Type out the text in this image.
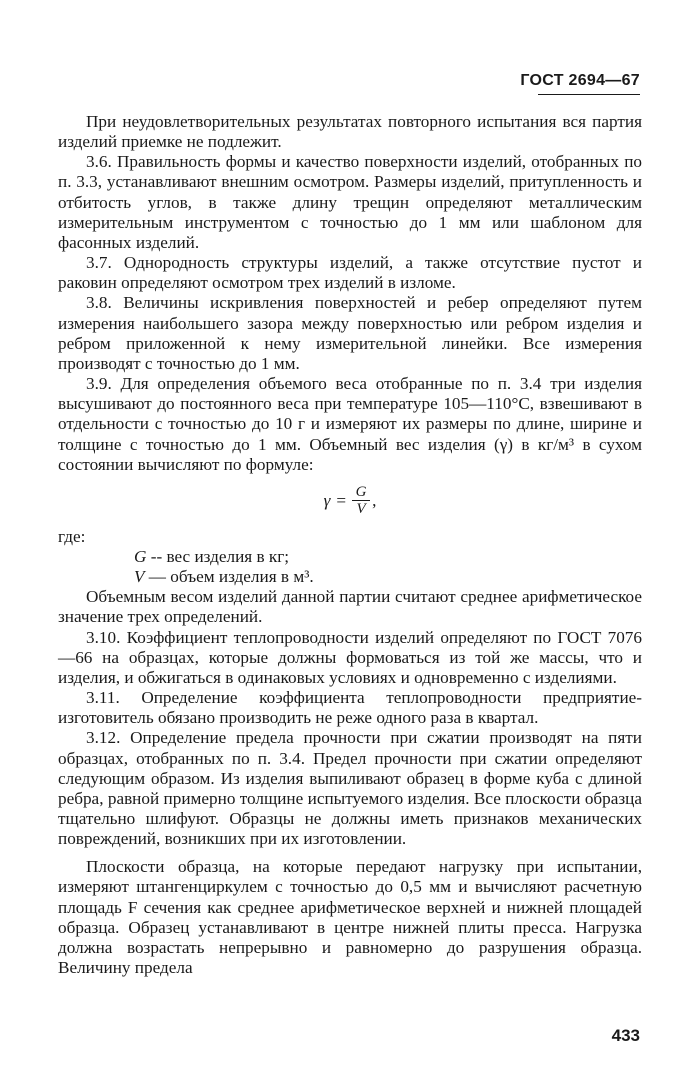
ГОСТ 2694—67

При неудовлетворительных результатах повторного испытания вся партия изделий приемке не подлежит.

3.6. Правильность формы и качество поверхности изделий, отобранных по п. 3.3, устанавливают внешним осмотром. Размеры изделий, притупленность и отбитость углов, в также длину трещин определяют металлическим измерительным инструментом с точностью до 1 мм или шаблоном для фасонных изделий.

3.7. Однородность структуры изделий, а также отсутствие пустот и раковин определяют осмотром трех изделий в изломе.

3.8. Величины искривления поверхностей и ребер определяют путем измерения наибольшего зазора между поверхностью или ребром изделия и ребром приложенной к нему измерительной линейки. Все измерения производят с точностью до 1 мм.

3.9. Для определения объемого веса отобранные по п. 3.4 три изделия высушивают до постоянного веса при температуре 105—110°С, взвешивают в отдельности с точностью до 10 г и измеряют их размеры по длине, ширине и толщине с точностью до 1 мм. Объемный вес изделия (γ) в кг/м³ в сухом состоянии вычисляют по формуле:

$\gamma = \frac{G}{V}$ ,

где:

G -- вес изделия в кг;

V — объем изделия в м³.

Объемным весом изделий данной партии считают среднее арифметическое значение трех определений.

3.10. Коэффициент теплопроводности изделий определяют по ГОСТ 7076—66 на образцах, которые должны формоваться из той же массы, что и изделия, и обжигаться в одинаковых условиях и одновременно с изделиями.

3.11. Определение коэффициента теплопроводности предприятие-изготовитель обязано производить не реже одного раза в квартал.

3.12. Определение предела прочности при сжатии производят на пяти образцах, отобранных по п. 3.4. Предел прочности при сжатии определяют следующим образом. Из изделия выпиливают образец в форме куба с длиной ребра, равной примерно толщине испытуемого изделия. Все плоскости образца тщательно шлифуют. Образцы не должны иметь признаков механических повреждений, возникших при их изготовлении.

Плоскости образца, на которые передают нагрузку при испытании, измеряют штангенциркулем с точностью до 0,5 мм и вычисляют расчетную площадь F сечения как среднее арифметическое верхней и нижней площадей образца. Образец устанавливают в центре нижней плиты пресса. Нагрузка должна возрастать непрерывно и равномерно до разрушения образца. Величину предела

433
